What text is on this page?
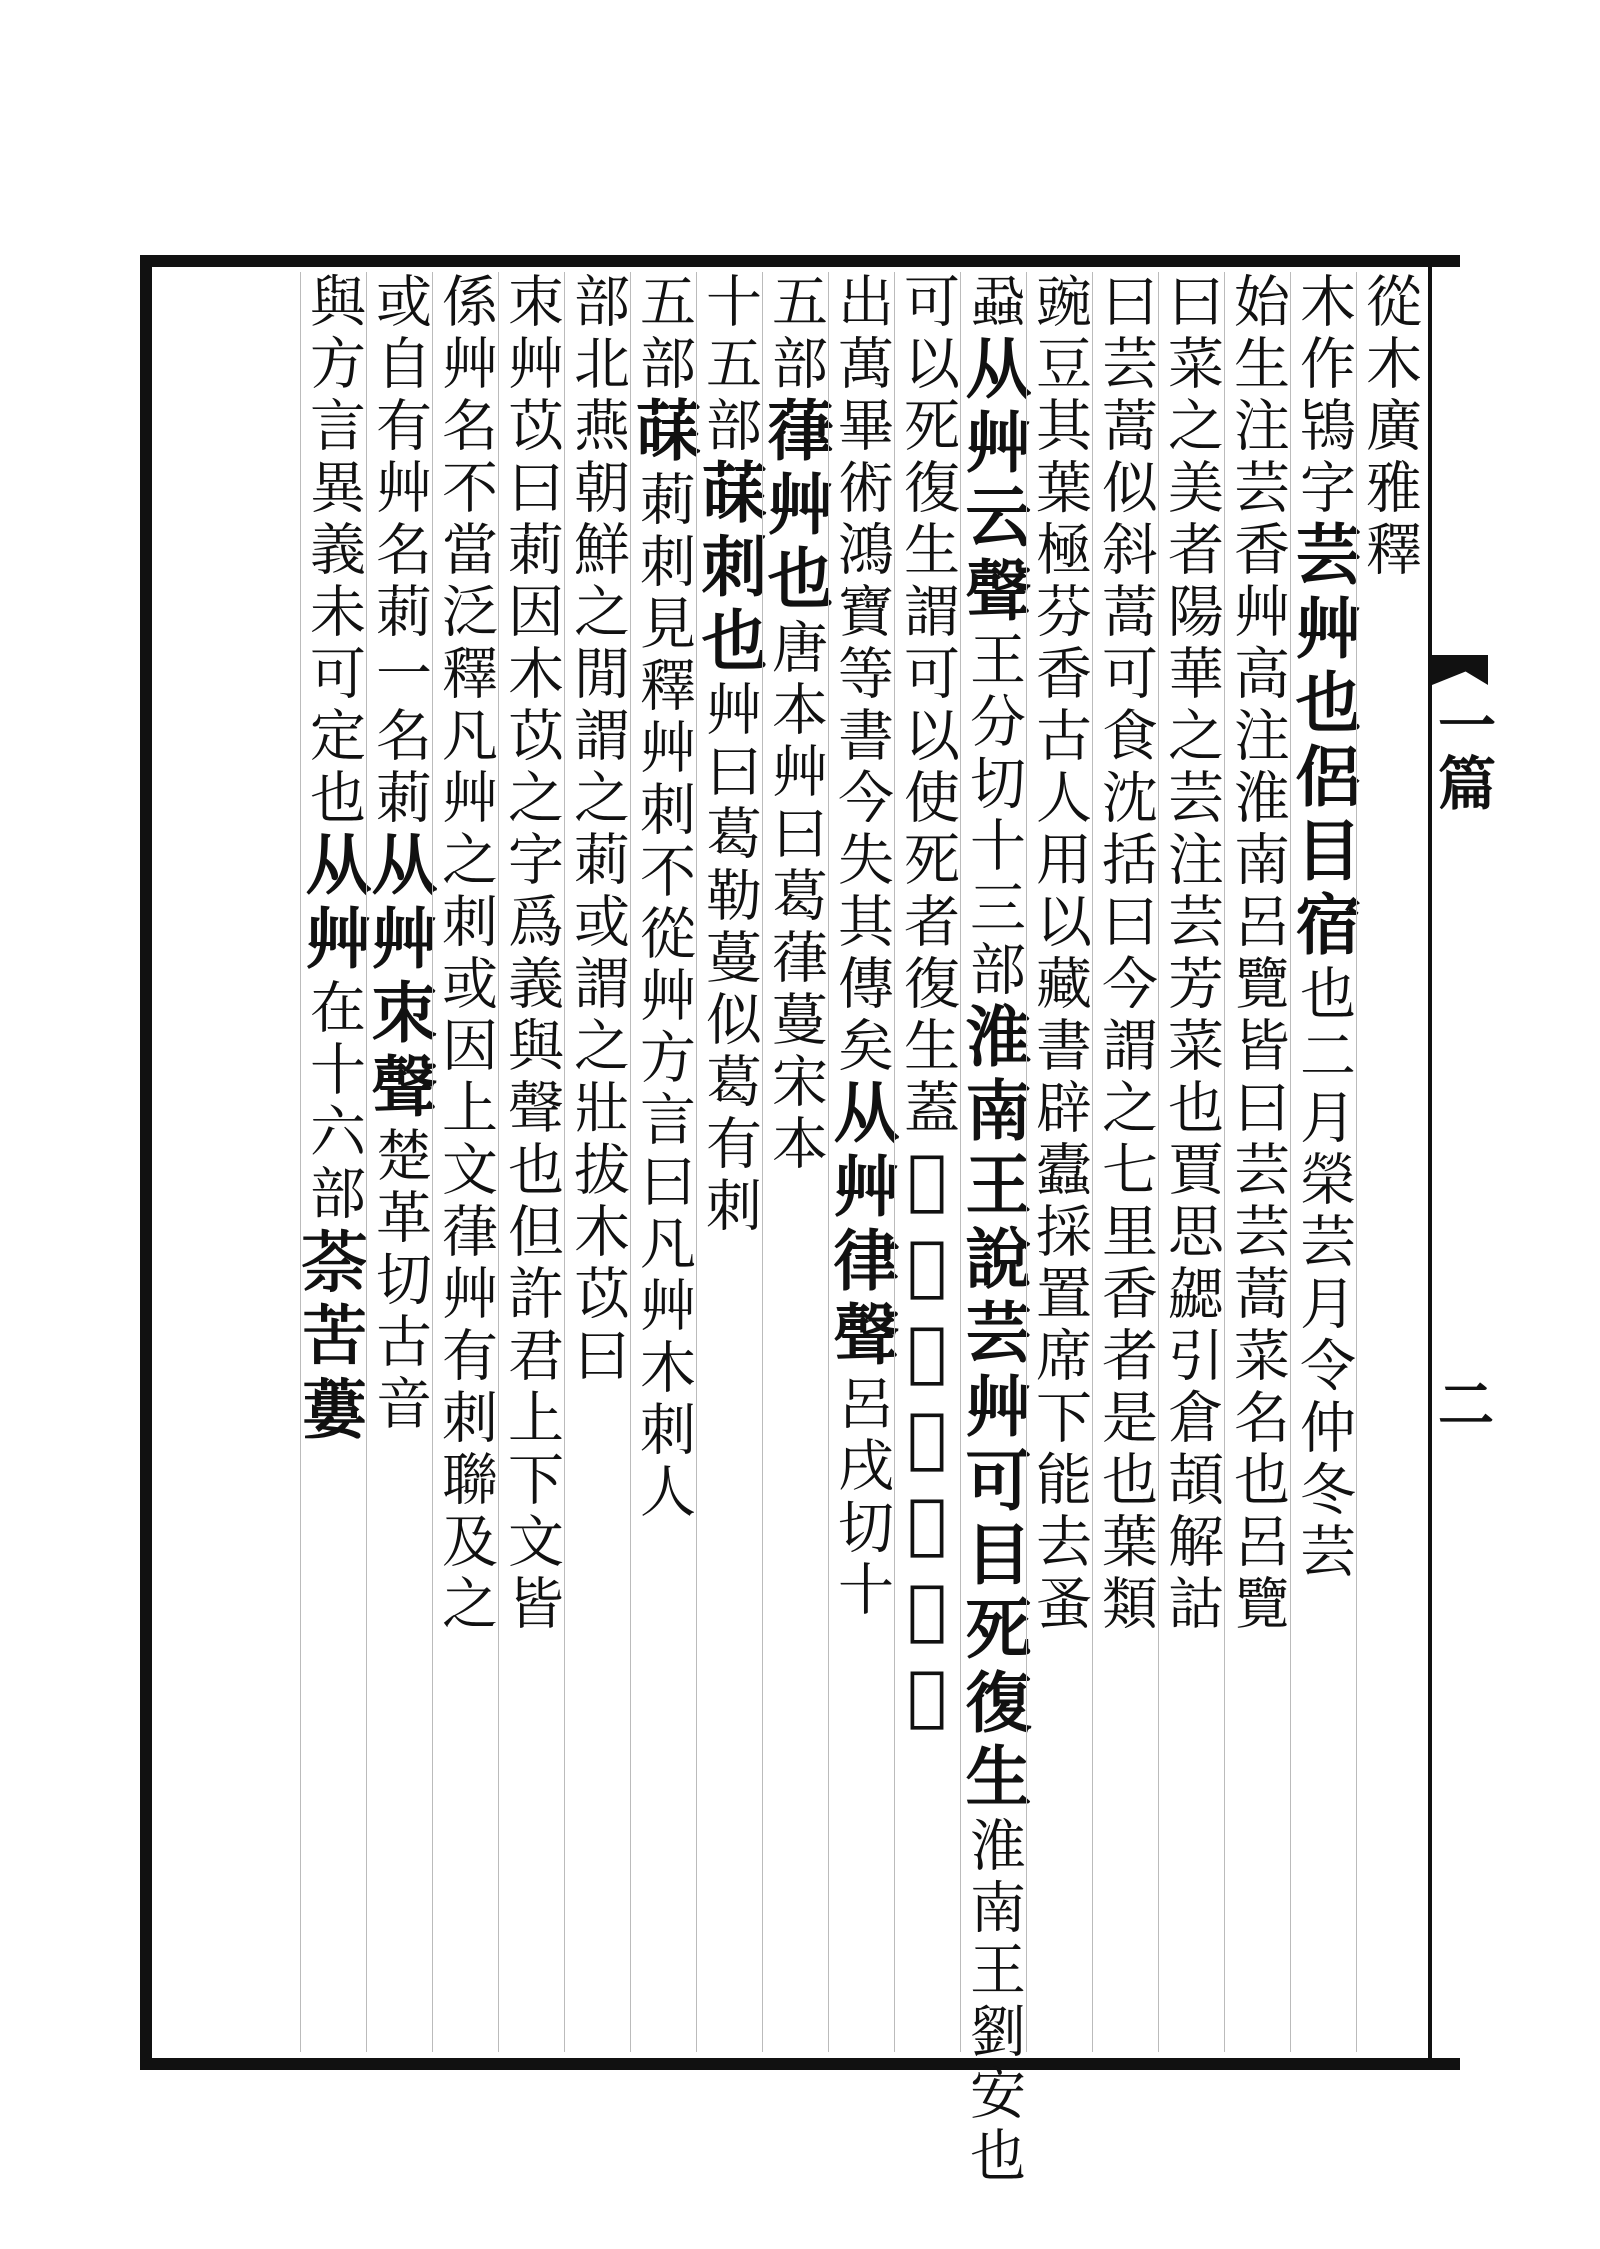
一篇
二
從木廣雅釋
木作鴇字芸艸也侶目宿也二月榮芸月令仲冬芸
始生注芸香艸高注淮南呂覽皆曰芸芸蒿菜名也呂覽
曰菜之美者陽華之芸注芸芳菜也賈思勰引倉頡解詁
曰芸蒿似斜蒿可食沈括曰今謂之七里香者是也葉類
豌豆其葉極芬香古人用以藏書辟蠹採置席下能去蚤
蝨从艸云聲王分切十三部淮南王說芸艸可目死復生淮南王劉安也
可以死復生謂可以使死者復生蓋𦲘艸也从艸㪿聲
出萬畢術鴻寶等書今失其傳矣从艸律聲呂戌切十
五部葎艸也唐本艸曰葛葎蔓宋本
十五部菋刺也艸曰葛勒蔓似葛有刺
五部菋莿刺見釋艸刺不從艸方言曰凡艸木刺人
部北燕朝鮮之閒謂之莿或謂之壯拔木苡曰
朿艸苡曰莿因木苡之字爲義與聲也但許君上下文皆
係艸名不當泛釋凡艸之刺或因上文葎艸有刺聯及之
或自有艸名莿一名莿从艸朿聲楚革切古音
與方言異義未可定也从艸在十六部𦯬苦蔞
